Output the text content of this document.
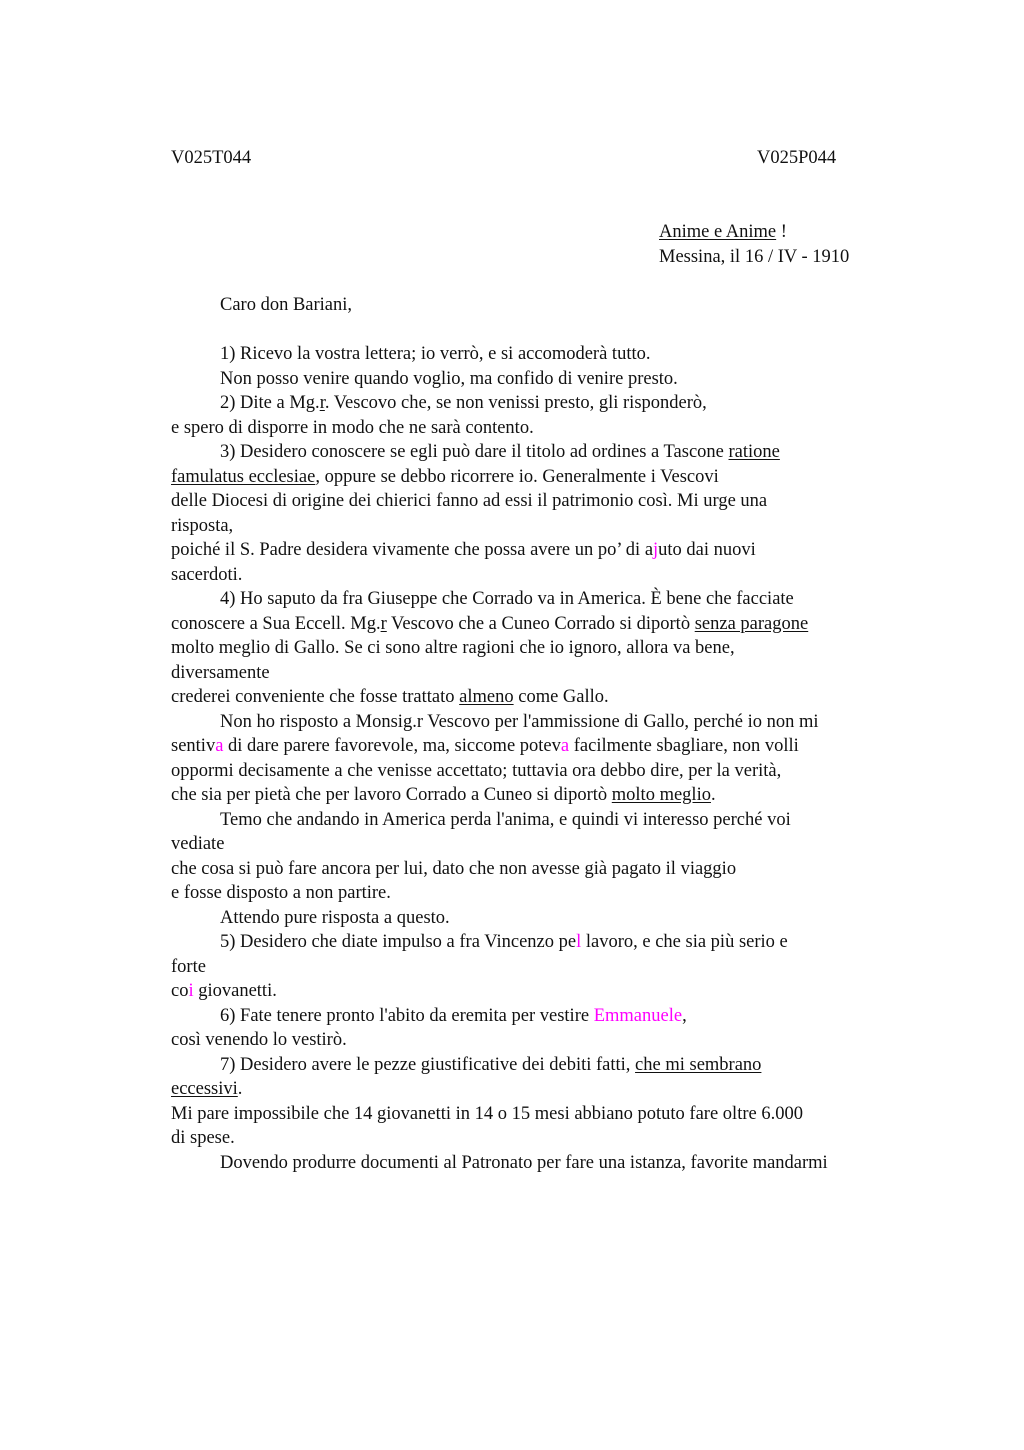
V025T044	V025P044
Anime e Anime !
Messina, il 16 / IV - 1910
Caro don Bariani,
1) Ricevo la vostra lettera; io verrò, e si accomoderà tutto.
Non posso venire quando voglio, ma confido di venire presto.
2) Dite a Mg.r. Vescovo che, se non venissi presto, gli risponderò,
e spero di disporre in modo che ne sarà contento.
3) Desidero conoscere se egli può dare il titolo ad ordines a Tascone ratione
famulatus ecclesiae, oppure se debbo ricorrere io. Generalmente i Vescovi
delle Diocesi di origine dei chierici fanno ad essi il patrimonio così. Mi urge una
risposta,
poiché il S. Padre desidera vivamente che possa avere un po’ di ajuto dai nuovi
sacerdoti.
4) Ho saputo da fra Giuseppe che Corrado va in America. È bene che facciate
conoscere a Sua Eccell. Mg.r Vescovo che a Cuneo Corrado si diportò senza paragone
molto meglio di Gallo. Se ci sono altre ragioni che io ignoro, allora va bene,
diversamente
crederei conveniente che fosse trattato almeno come Gallo.
Non ho risposto a Monsig.r Vescovo per l'ammissione di Gallo, perché io non mi
sentiva di dare parere favorevole, ma, siccome poteva facilmente sbagliare, non volli
oppormi decisamente a che venisse accettato; tuttavia ora debbo dire, per la verità,
che sia per pietà che per lavoro Corrado a Cuneo si diportò molto meglio.
Temo che andando in America perda l'anima, e quindi vi interesso perché voi
vediate
che cosa si può fare ancora per lui, dato che non avesse già pagato il viaggio
e fosse disposto a non partire.
Attendo pure risposta a questo.
5) Desidero che diate impulso a fra Vincenzo pel lavoro, e che sia più serio e
forte
coi giovanetti.
6) Fate tenere pronto l'abito da eremita per vestire Emmanuele,
così venendo lo vestirò.
7) Desidero avere le pezze giustificative dei debiti fatti, che mi sembrano
eccessivi.
Mi pare impossibile che 14 giovanetti in 14 o 15 mesi abbiano potuto fare oltre 6.000
di spese.
Dovendo produrre documenti al Patronato per fare una istanza, favorite mandarmi
